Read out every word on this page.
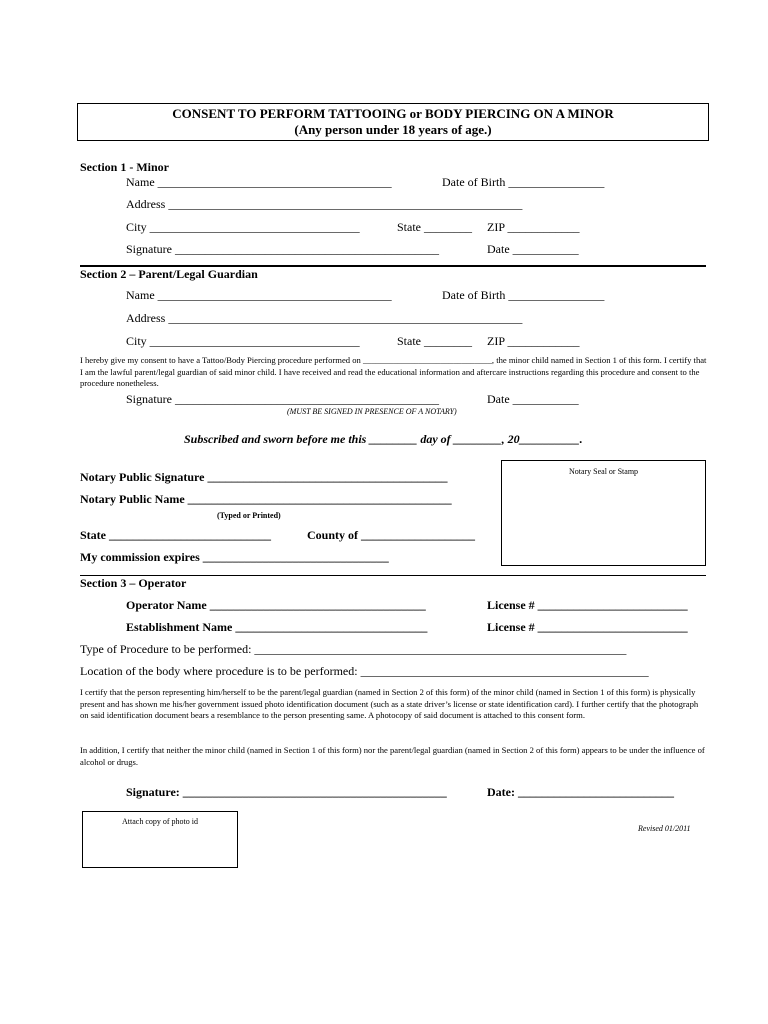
CONSENT TO PERFORM TATTOOING or BODY PIERCING ON A MINOR
(Any person under 18 years of age.)
Section 1 - Minor
Name _______________________________________	Date of Birth ________________
Address ___________________________________________________________
City ___________________________________	State ________ ZIP ____________
Signature ____________________________________________	Date ___________
Section 2 – Parent/Legal Guardian
Name _______________________________________	Date of Birth ________________
Address ___________________________________________________________
City ___________________________________	State ________ ZIP ____________
I hereby give my consent to have a Tattoo/Body Piercing procedure performed on ______________________________, the minor child named in Section 1 of this form. I certify that I am the lawful parent/legal guardian of said minor child. I have received and read the educational information and aftercare instructions regarding this procedure and consent to the procedure nonetheless.
Signature ____________________________________________	Date ___________
(MUST BE SIGNED IN PRESENCE OF A NOTARY)
Subscribed and sworn before me this ________ day of ________, 20__________.
Notary Public Signature ________________________________________
Notary Public Name ____________________________________________
(Typed or Printed)
State ___________________________	County of ___________________
My commission expires _______________________________
Notary Seal or Stamp
Section 3 – Operator
Operator Name ____________________________________	License # _________________________
Establishment Name ________________________________	License # _________________________
Type of Procedure to be performed: ______________________________________________________________
Location of the body where procedure is to be performed: ________________________________________________
I certify that the person representing him/herself to be the parent/legal guardian (named in Section 2 of this form) of the minor child (named in Section 1 of this form) is physically present and has shown me his/her government issued photo identification document (such as a state driver’s license or state identification card). I further certify that the photograph on said identification document bears a resemblance to the person presenting same. A photocopy of said document is attached to this consent form.
In addition, I certify that neither the minor child (named in Section 1 of this form) nor the parent/legal guardian (named in Section 2 of this form) appears to be under the influence of alcohol or drugs.
Signature: ____________________________________________	Date: __________________________
Attach copy of photo id
Revised 01/2011
